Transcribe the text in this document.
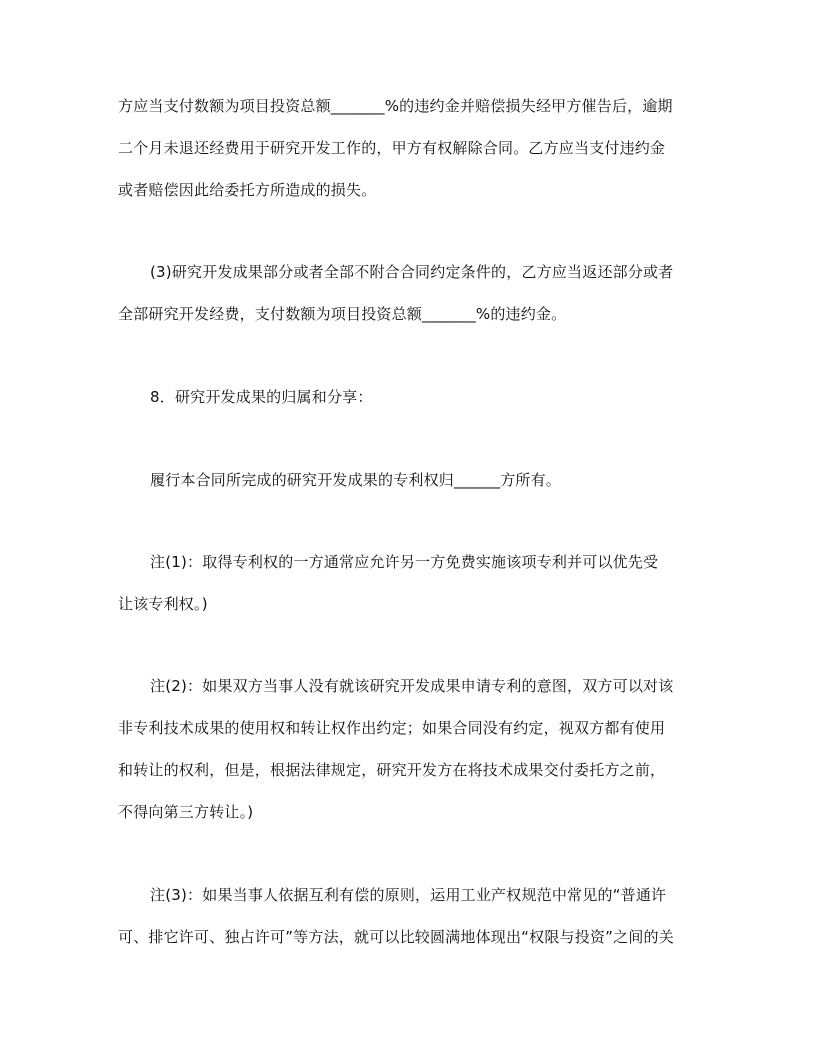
方应当支付数额为项目投资总额_______%的违约金并赔偿损失经甲方催告后，逾期
二个月未退还经费用于研究开发工作的，甲方有权解除合同。乙方应当支付违约金
或者赔偿因此给委托方所造成的损失。
(3)研究开发成果部分或者全部不附合合同约定条件的，乙方应当返还部分或者
全部研究开发经费，支付数额为项目投资总额_______%的违约金。
8．研究开发成果的归属和分享：
履行本合同所完成的研究开发成果的专利权归______方所有。
注(1)：取得专利权的一方通常应允许另一方免费实施该项专利并可以优先受
让该专利权。)
注(2)：如果双方当事人没有就该研究开发成果申请专利的意图，双方可以对该
非专利技术成果的使用权和转让权作出约定；如果合同没有约定，视双方都有使用
和转让的权利，但是，根据法律规定，研究开发方在将技术成果交付委托方之前，
不得向第三方转让。)
注(3)：如果当事人依据互利有偿的原则，运用工业产权规范中常见的“普通许
可、排它许可、独占许可”等方法，就可以比较圆满地体现出“权限与投资”之间的关
